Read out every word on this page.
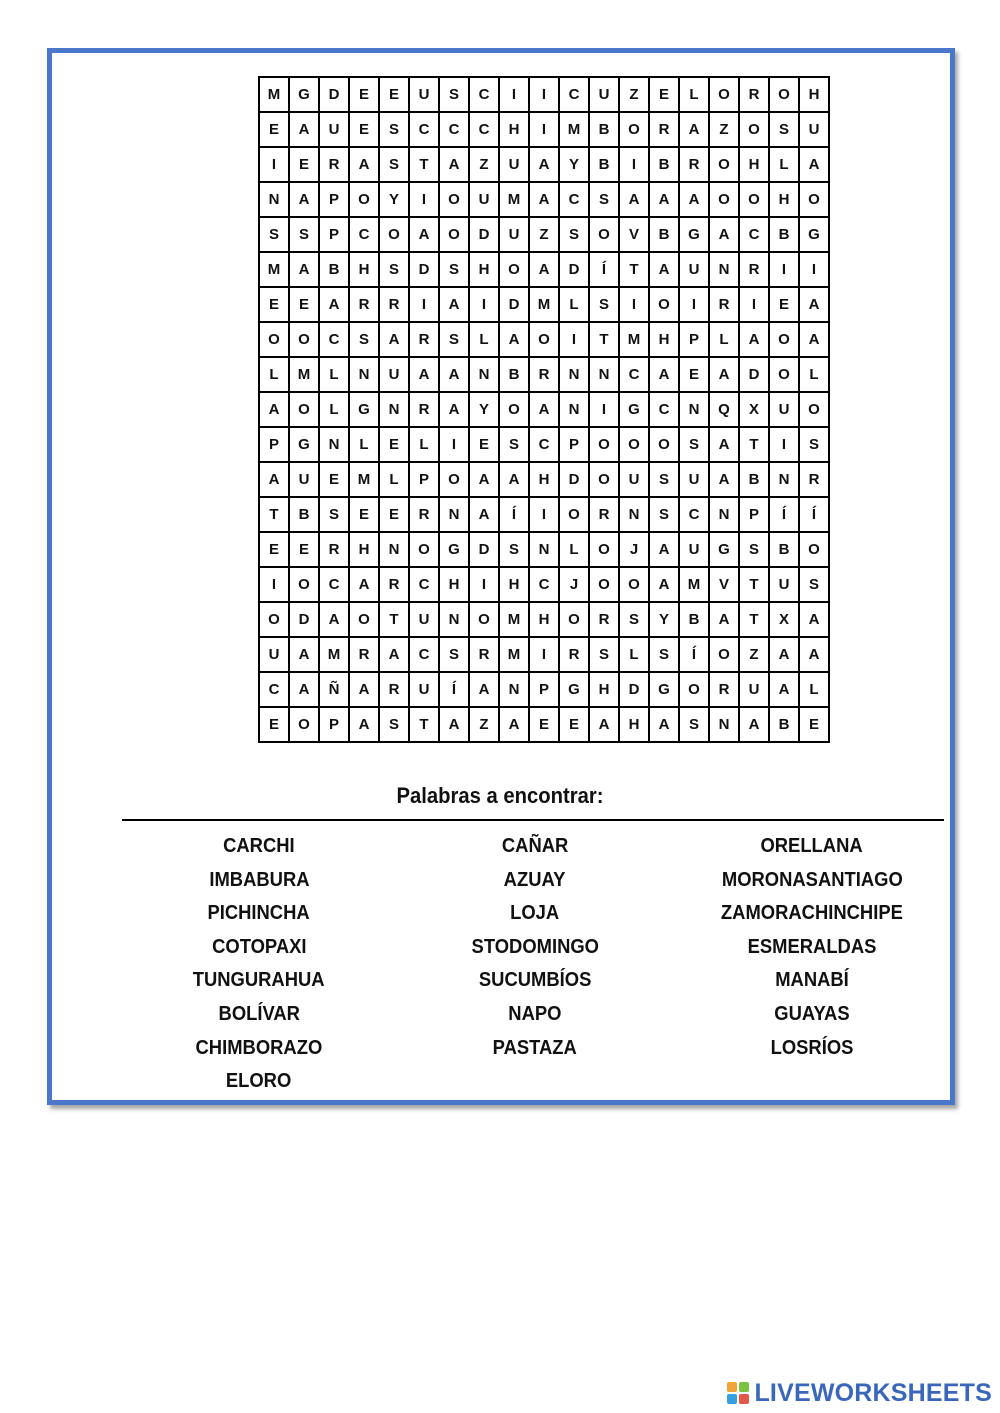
M	G	D	E	E	U	S	C	I	I	C	U	Z	E	L	O	R	O	H
E	A	U	E	S	C	C	C	H	I	M	B	O	R	A	Z	O	S	U
I	E	R	A	S	T	A	Z	U	A	Y	B	I	B	R	O	H	L	A
N	A	P	O	Y	I	O	U	M	A	C	S	A	A	A	O	O	H	O
S	S	P	C	O	A	O	D	U	Z	S	O	V	B	G	A	C	B	G
M	A	B	H	S	D	S	H	O	A	D	Í	T	A	U	N	R	I	I
E	E	A	R	R	I	A	I	D	M	L	S	I	O	I	R	I	E	A
O	O	C	S	A	R	S	L	A	O	I	T	M	H	P	L	A	O	A
L	M	L	N	U	A	A	N	B	R	N	N	C	A	E	A	D	O	L
A	O	L	G	N	R	A	Y	O	A	N	I	G	C	N	Q	X	U	O
P	G	N	L	E	L	I	E	S	C	P	O	O	O	S	A	T	I	S
A	U	E	M	L	P	O	A	A	H	D	O	U	S	U	A	B	N	R
T	B	S	E	E	R	N	A	Í	I	O	R	N	S	C	N	P	Í	Í
E	E	R	H	N	O	G	D	S	N	L	O	J	A	U	G	S	B	O
I	O	C	A	R	C	H	I	H	C	J	O	O	A	M	V	T	U	S
O	D	A	O	T	U	N	O	M	H	O	R	S	Y	B	A	T	X	A
U	A	M	R	A	C	S	R	M	I	R	S	L	S	Í	O	Z	A	A
C	A	Ñ	A	R	U	Í	A	N	P	G	H	D	G	O	R	U	A	L
E	O	P	A	S	T	A	Z	A	E	E	A	H	A	S	N	A	B	E
Palabras a encontrar:
CARCHI
IMBABURA
PICHINCHA
COTOPAXI
TUNGURAHUA
BOLÍVAR
CHIMBORAZO
ELORO
CAÑAR
AZUAY
LOJA
STODOMINGO
SUCUMBÍOS
NAPO
PASTAZA
ORELLANA
MORONASANTIAGO
ZAMORACHINCHIPE
ESMERALDAS
MANABÍ
GUAYAS
LOSRÍOS
LIVEWORKSHEETS
